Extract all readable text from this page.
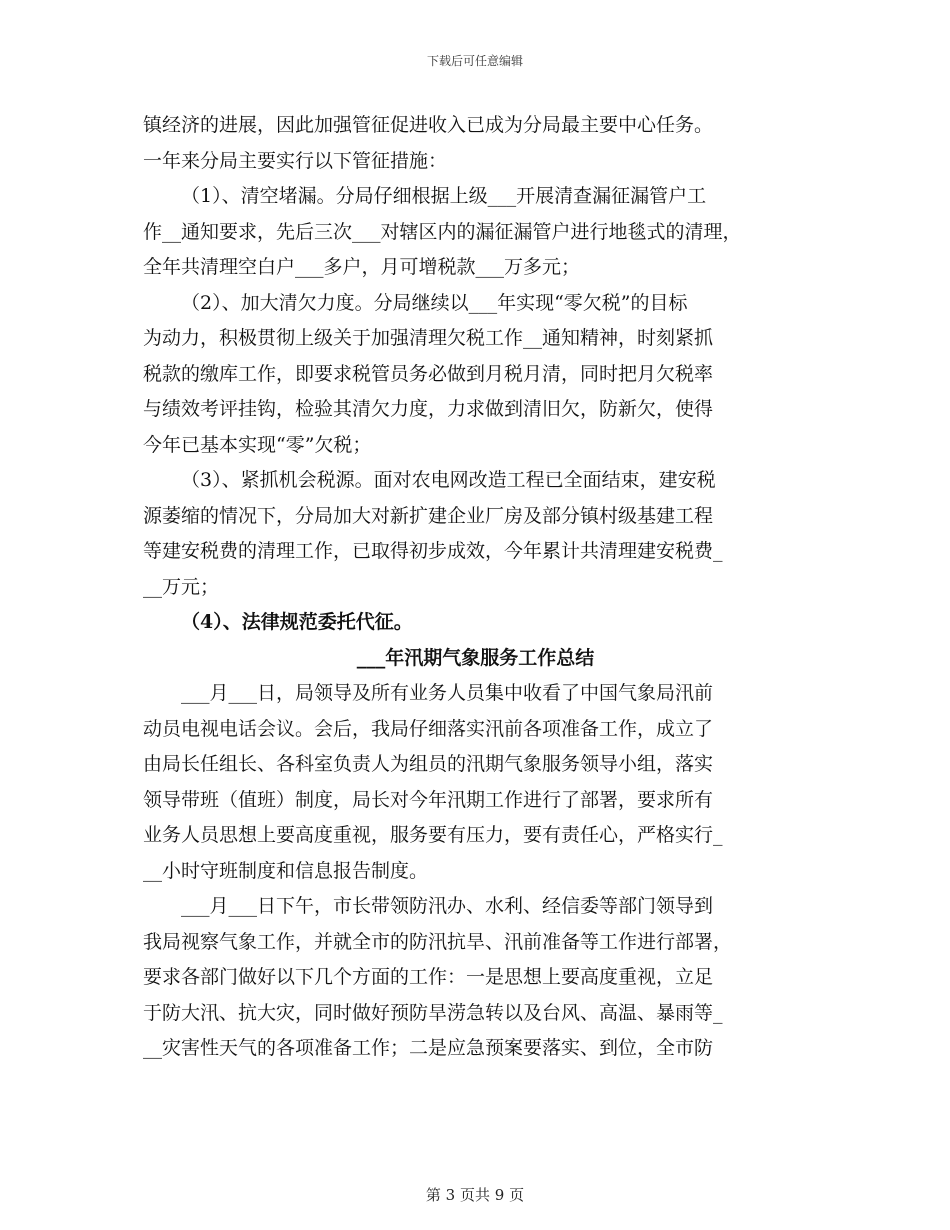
下载后可任意编辑
镇经济的进展，因此加强管征促进收入已成为分局最主要中心任务。
一年来分局主要实行以下管征措施：
（1）、清空堵漏。分局仔细根据上级___开展清查漏征漏管户工
作__通知要求，先后三次___对辖区内的漏征漏管户进行地毯式的清理，
全年共清理空白户___多户，月可增税款___万多元；
（2）、加大清欠力度。分局继续以___年实现“零欠税”的目标
为动力，积极贯彻上级关于加强清理欠税工作__通知精神，时刻紧抓
税款的缴库工作，即要求税管员务必做到月税月清，同时把月欠税率
与绩效考评挂钩，检验其清欠力度，力求做到清旧欠，防新欠，使得
今年已基本实现“零”欠税；
（3）、紧抓机会税源。面对农电网改造工程已全面结束，建安税
源萎缩的情况下，分局加大对新扩建企业厂房及部分镇村级基建工程
等建安税费的清理工作，已取得初步成效，今年累计共清理建安税费_
__万元；
（4）、法律规范委托代征。
___年汛期气象服务工作总结
___月___日，局领导及所有业务人员集中收看了中国气象局汛前
动员电视电话会议。会后，我局仔细落实汛前各项准备工作，成立了
由局长任组长、各科室负责人为组员的汛期气象服务领导小组，落实
领导带班（值班）制度，局长对今年汛期工作进行了部署，要求所有
业务人员思想上要高度重视，服务要有压力，要有责任心，严格实行_
__小时守班制度和信息报告制度。
___月___日下午，市长带领防汛办、水利、经信委等部门领导到
我局视察气象工作，并就全市的防汛抗旱、汛前准备等工作进行部署，
要求各部门做好以下几个方面的工作：一是思想上要高度重视，立足
于防大汛、抗大灾，同时做好预防旱涝急转以及台风、高温、暴雨等_
__灾害性天气的各项准备工作；二是应急预案要落实、到位，全市防
第 3 页共 9 页
